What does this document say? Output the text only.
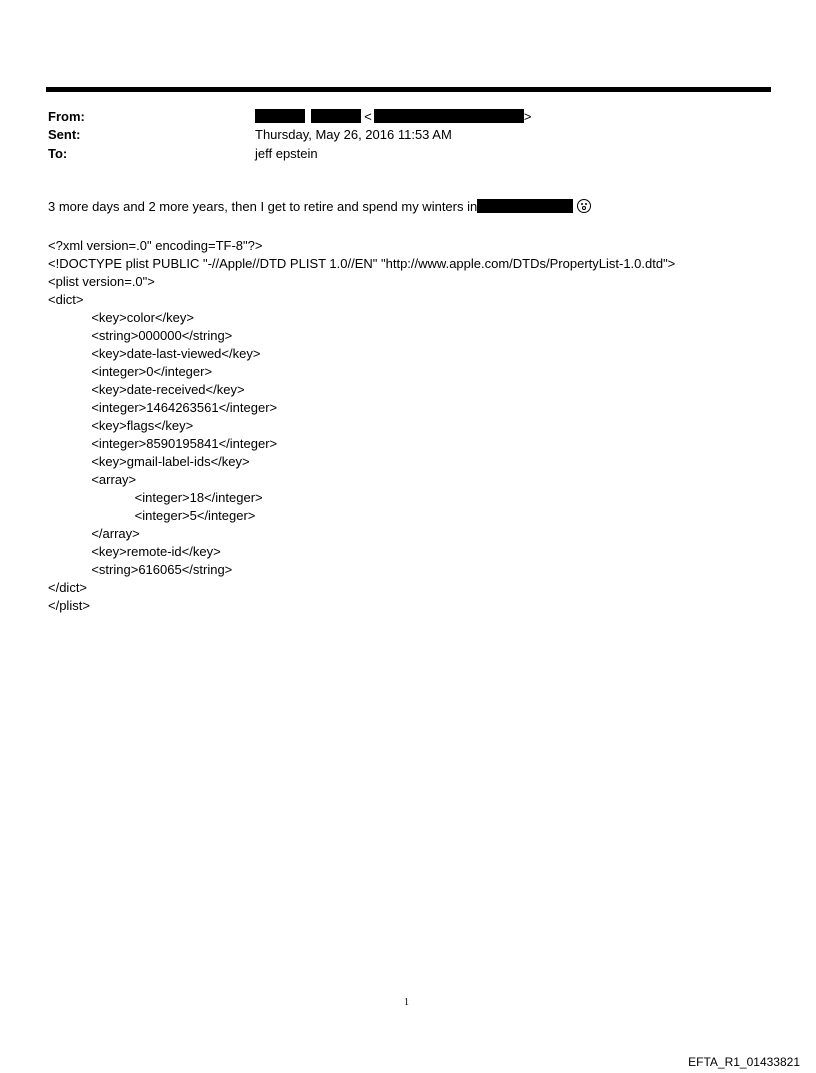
From:	<	>
Sent:	Thursday, May 26, 2016 11:53 AM
To:	jeff epstein
3 more days and 2 more years, then I get to retire and spend my winters in
<?xml version=.0" encoding=TF-8"?>
<!DOCTYPE plist PUBLIC "-//Apple//DTD PLIST 1.0//EN" "http://www.apple.com/DTDs/PropertyList-1.0.dtd">
<plist version=.0">
<dict>
<key>color</key>
<string>000000</string>
<key>date-last-viewed</key>
<integer>0</integer>
<key>date-received</key>
<integer>1464263561</integer>
<key>flags</key>
<integer>8590195841</integer>
<key>gmail-label-ids</key>
<array>
<integer>18</integer>
<integer>5</integer>
</array>
<key>remote-id</key>
<string>616065</string>
</dict>
</plist>
1
EFTA_R1_01433821
